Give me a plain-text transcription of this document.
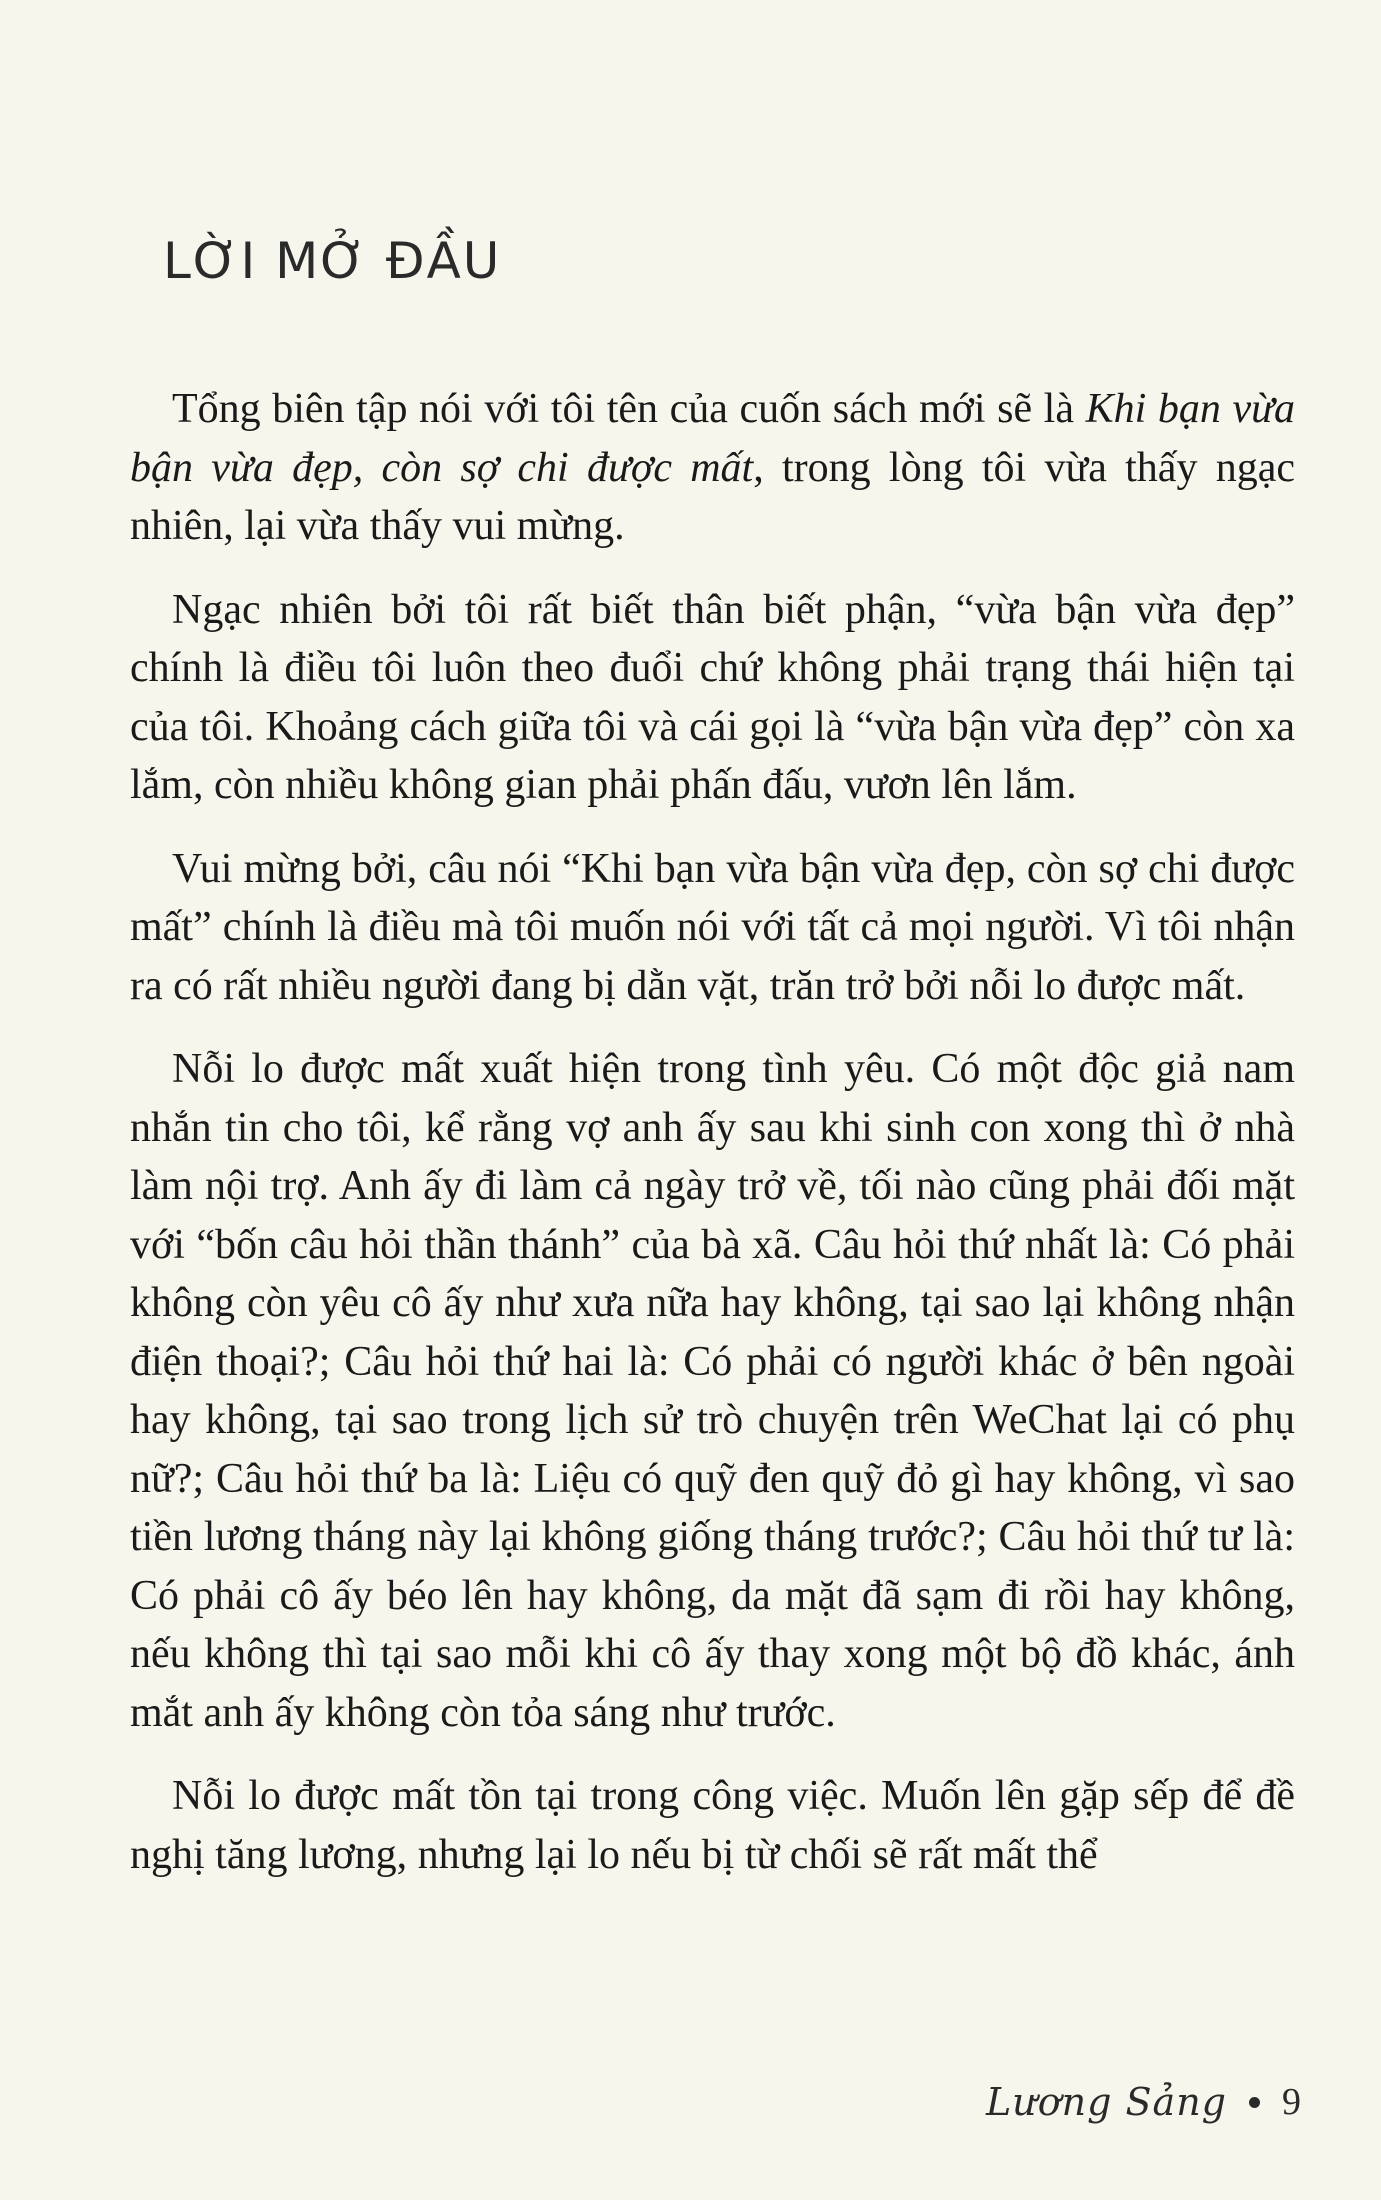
LỜI MỞ ĐẦU

 Tổng biên tập nói với tôi tên của cuốn sách mới sẽ là Khi bạn vừa bận vừa đẹp, còn sợ chi được mất, trong lòng tôi vừa thấy ngạc nhiên, lại vừa thấy vui mừng.

 Ngạc nhiên bởi tôi rất biết thân biết phận, “vừa bận vừa đẹp” chính là điều tôi luôn theo đuổi chứ không phải trạng thái hiện tại của tôi. Khoảng cách giữa tôi và cái gọi là “vừa bận vừa đẹp” còn xa lắm, còn nhiều không gian phải phấn đấu, vươn lên lắm.

 Vui mừng bởi, câu nói “Khi bạn vừa bận vừa đẹp, còn sợ chi được mất” chính là điều mà tôi muốn nói với tất cả mọi người. Vì tôi nhận ra có rất nhiều người đang bị dằn vặt, trăn trở bởi nỗi lo được mất.

 Nỗi lo được mất xuất hiện trong tình yêu. Có một độc giả nam nhắn tin cho tôi, kể rằng vợ anh ấy sau khi sinh con xong thì ở nhà làm nội trợ. Anh ấy đi làm cả ngày trở về, tối nào cũng phải đối mặt với “bốn câu hỏi thần thánh” của bà xã. Câu hỏi thứ nhất là: Có phải không còn yêu cô ấy như xưa nữa hay không, tại sao lại không nhận điện thoại?; Câu hỏi thứ hai là: Có phải có người khác ở bên ngoài hay không, tại sao trong lịch sử trò chuyện trên WeChat lại có phụ nữ?; Câu hỏi thứ ba là: Liệu có quỹ đen quỹ đỏ gì hay không, vì sao tiền lương tháng này lại không giống tháng trước?; Câu hỏi thứ tư là: Có phải cô ấy béo lên hay không, da mặt đã sạm đi rồi hay không, nếu không thì tại sao mỗi khi cô ấy thay xong một bộ đồ khác, ánh mắt anh ấy không còn tỏa sáng như trước.

 Nỗi lo được mất tồn tại trong công việc. Muốn lên gặp sếp để đề nghị tăng lương, nhưng lại lo nếu bị từ chối sẽ rất mất thể

Lương Sảng 9
